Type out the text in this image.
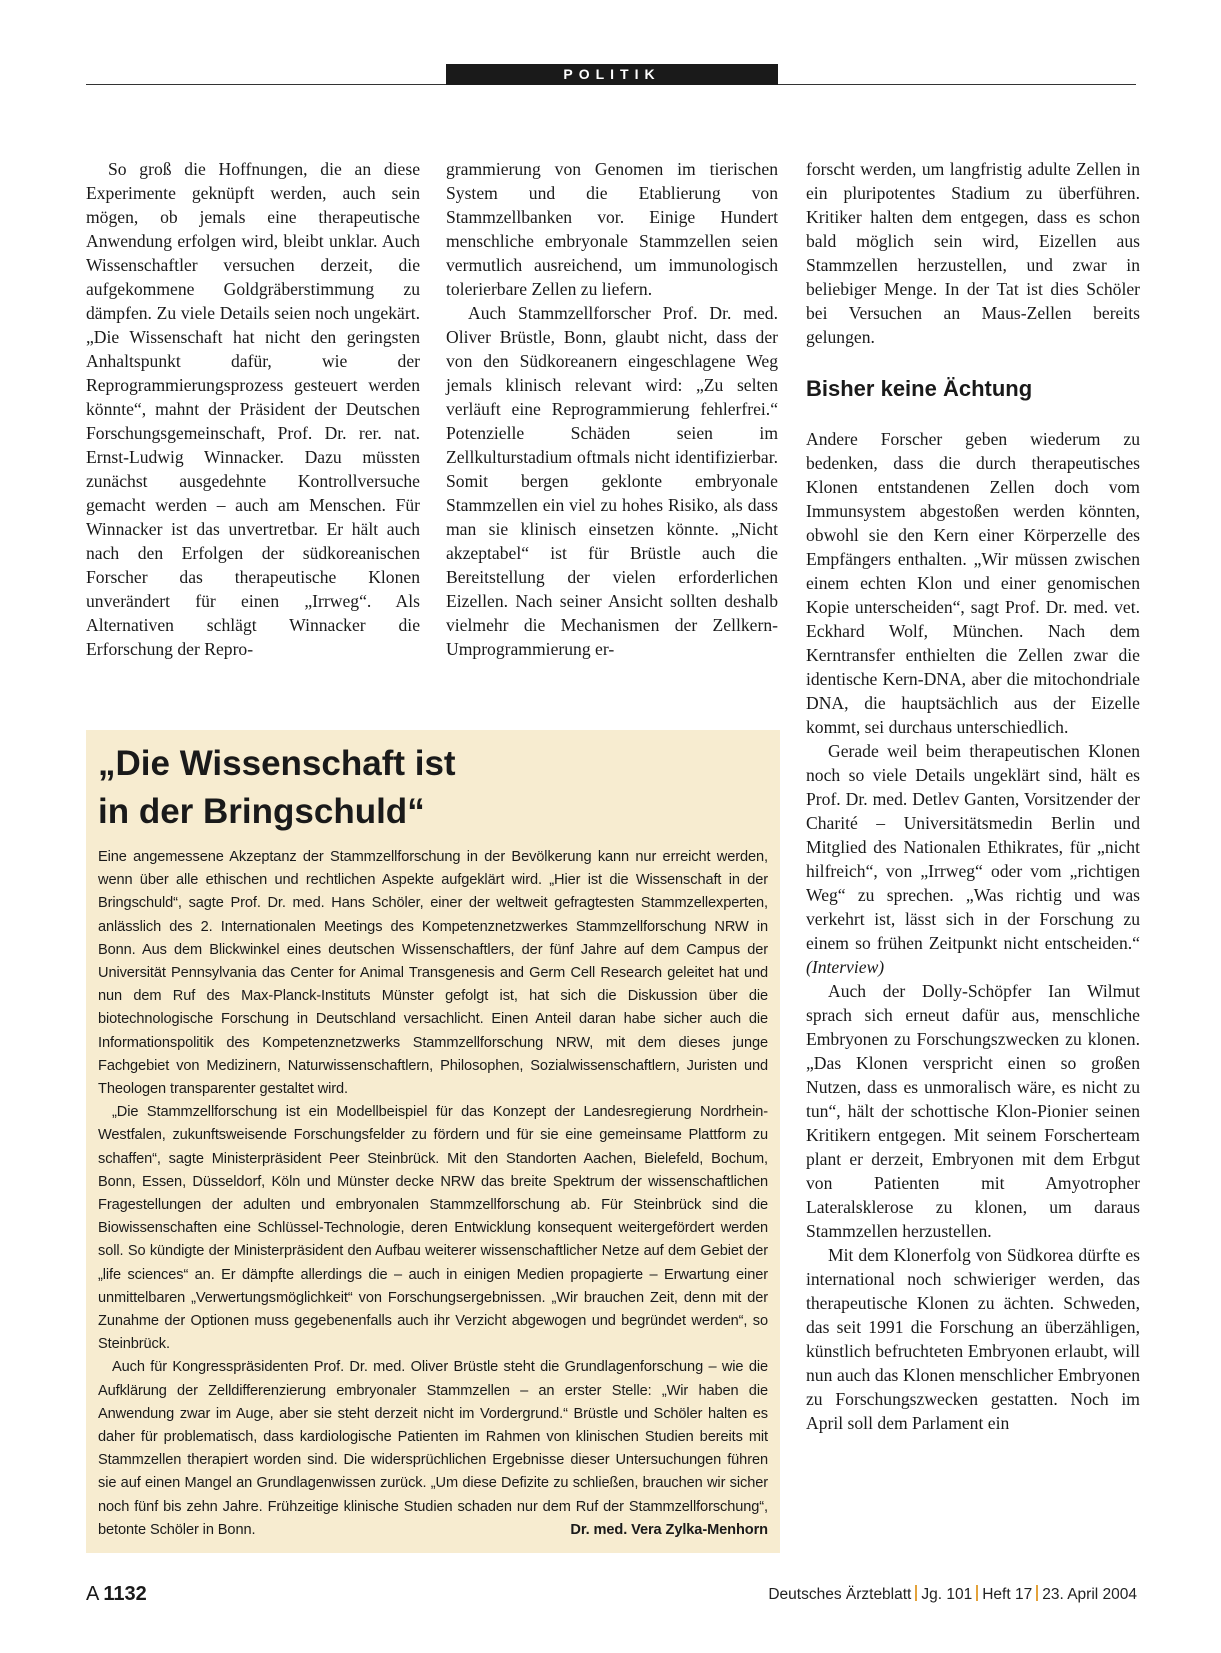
POLITIK

So groß die Hoffnungen, die an diese Experimente geknüpft werden, auch sein mögen, ob jemals eine therapeutische Anwendung erfolgen wird, bleibt unklar. Auch Wissenschaftler versuchen derzeit, die aufgekommene Goldgräberstimmung zu dämpfen. Zu viele Details seien noch ungekärt. „Die Wissenschaft hat nicht den geringsten Anhaltspunkt dafür, wie der Reprogrammierungsprozess gesteuert werden könnte“, mahnt der Präsident der Deutschen Forschungsgemeinschaft, Prof. Dr. rer. nat. Ernst-Ludwig Winnacker. Dazu müssten zunächst ausgedehnte Kontrollversuche gemacht werden – auch am Menschen. Für Winnacker ist das unvertretbar. Er hält auch nach den Erfolgen der südkoreanischen Forscher das therapeutische Klonen unverändert für einen „Irrweg“. Als Alternativen schlägt Winnacker die Erforschung der Repro-

grammierung von Genomen im tierischen System und die Etablierung von Stammzellbanken vor. Einige Hundert menschliche embryonale Stammzellen seien vermutlich ausreichend, um immunologisch tolerierbare Zellen zu liefern.

Auch Stammzellforscher Prof. Dr. med. Oliver Brüstle, Bonn, glaubt nicht, dass der von den Südkoreanern eingeschlagene Weg jemals klinisch relevant wird: „Zu selten verläuft eine Reprogrammierung fehlerfrei.“ Potenzielle Schäden seien im Zellkulturstadium oftmals nicht identifizierbar. Somit bergen geklonte embryonale Stammzellen ein viel zu hohes Risiko, als dass man sie klinisch einsetzen könnte. „Nicht akzeptabel“ ist für Brüstle auch die Bereitstellung der vielen erforderlichen Eizellen. Nach seiner Ansicht sollten deshalb vielmehr die Mechanismen der Zellkern-Umprogrammierung er-

forscht werden, um langfristig adulte Zellen in ein pluripotentes Stadium zu überführen. Kritiker halten dem entgegen, dass es schon bald möglich sein wird, Eizellen aus Stammzellen herzustellen, und zwar in beliebiger Menge. In der Tat ist dies Schöler bei Versuchen an Maus-Zellen bereits gelungen.

Bisher keine Ächtung

Andere Forscher geben wiederum zu bedenken, dass die durch therapeutisches Klonen entstandenen Zellen doch vom Immunsystem abgestoßen werden könnten, obwohl sie den Kern einer Körperzelle des Empfängers enthalten. „Wir müssen zwischen einem echten Klon und einer genomischen Kopie unterscheiden“, sagt Prof. Dr. med. vet. Eckhard Wolf, München. Nach dem Kerntransfer enthielten die Zellen zwar die identische Kern-DNA, aber die mitochondriale DNA, die hauptsächlich aus der Eizelle kommt, sei durchaus unterschiedlich.

Gerade weil beim therapeutischen Klonen noch so viele Details ungeklärt sind, hält es Prof. Dr. med. Detlev Ganten, Vorsitzender der Charité – Universitätsmedin Berlin und Mitglied des Nationalen Ethikrates, für „nicht hilfreich“, von „Irrweg“ oder vom „richtigen Weg“ zu sprechen. „Was richtig und was verkehrt ist, lässt sich in der Forschung zu einem so frühen Zeitpunkt nicht entscheiden.“ (Interview)

Auch der Dolly-Schöpfer Ian Wilmut sprach sich erneut dafür aus, menschliche Embryonen zu Forschungszwecken zu klonen. „Das Klonen verspricht einen so großen Nutzen, dass es unmoralisch wäre, es nicht zu tun“, hält der schottische Klon-Pionier seinen Kritikern entgegen. Mit seinem Forscherteam plant er derzeit, Embryonen mit dem Erbgut von Patienten mit Amyotropher Lateralsklerose zu klonen, um daraus Stammzellen herzustellen.

Mit dem Klonerfolg von Südkorea dürfte es international noch schwieriger werden, das therapeutische Klonen zu ächten. Schweden, das seit 1991 die Forschung an überzähligen, künstlich befruchteten Embryonen erlaubt, will nun auch das Klonen menschlicher Embryonen zu Forschungszwecken gestatten. Noch im April soll dem Parlament ein

„Die Wissenschaft ist
in der Bringschuld“

Eine angemessene Akzeptanz der Stammzellforschung in der Bevölkerung kann nur erreicht werden, wenn über alle ethischen und rechtlichen Aspekte aufgeklärt wird. „Hier ist die Wissenschaft in der Bringschuld“, sagte Prof. Dr. med. Hans Schöler, einer der weltweit gefragtesten Stammzellexperten, anlässlich des 2. Internationalen Meetings des Kompetenznetzwerkes Stammzellforschung NRW in Bonn. Aus dem Blickwinkel eines deutschen Wissenschaftlers, der fünf Jahre auf dem Campus der Universität Pennsylvania das Center for Animal Transgenesis and Germ Cell Research geleitet hat und nun dem Ruf des Max-Planck-Instituts Münster gefolgt ist, hat sich die Diskussion über die biotechnologische Forschung in Deutschland versachlicht. Einen Anteil daran habe sicher auch die Informationspolitik des Kompetenznetzwerks Stammzellforschung NRW, mit dem dieses junge Fachgebiet von Medizinern, Naturwissenschaftlern, Philosophen, Sozialwissenschaftlern, Juristen und Theologen transparenter gestaltet wird.

„Die Stammzellforschung ist ein Modellbeispiel für das Konzept der Landesregierung Nordrhein-Westfalen, zukunftsweisende Forschungsfelder zu fördern und für sie eine gemeinsame Plattform zu schaffen“, sagte Ministerpräsident Peer Steinbrück. Mit den Standorten Aachen, Bielefeld, Bochum, Bonn, Essen, Düsseldorf, Köln und Münster decke NRW das breite Spektrum der wissenschaftlichen Fragestellungen der adulten und embryonalen Stammzellforschung ab. Für Steinbrück sind die Biowissenschaften eine Schlüssel-Technologie, deren Entwicklung konsequent weitergefördert werden soll. So kündigte der Ministerpräsident den Aufbau weiterer wissenschaftlicher Netze auf dem Gebiet der „life sciences“ an. Er dämpfte allerdings die – auch in einigen Medien propagierte – Erwartung einer unmittelbaren „Verwertungsmöglichkeit“ von Forschungsergebnissen. „Wir brauchen Zeit, denn mit der Zunahme der Optionen muss gegebenenfalls auch ihr Verzicht abgewogen und begründet werden“, so Steinbrück.

Auch für Kongresspräsidenten Prof. Dr. med. Oliver Brüstle steht die Grundlagenforschung – wie die Aufklärung der Zelldifferenzierung embryonaler Stammzellen – an erster Stelle: „Wir haben die Anwendung zwar im Auge, aber sie steht derzeit nicht im Vordergrund.“ Brüstle und Schöler halten es daher für problematisch, dass kardiologische Patienten im Rahmen von klinischen Studien bereits mit Stammzellen therapiert worden sind. Die widersprüchlichen Ergebnisse dieser Untersuchungen führen sie auf einen Mangel an Grundlagenwissen zurück. „Um diese Defizite zu schließen, brauchen wir sicher noch fünf bis zehn Jahre. Frühzeitige klinische Studien schaden nur dem Ruf der Stammzellforschung“, betonte Schöler in Bonn.	Dr. med. Vera Zylka-Menhorn

A  1132	Deutsches Ärzteblatt Jg. 101 Heft 17 23. April 2004
